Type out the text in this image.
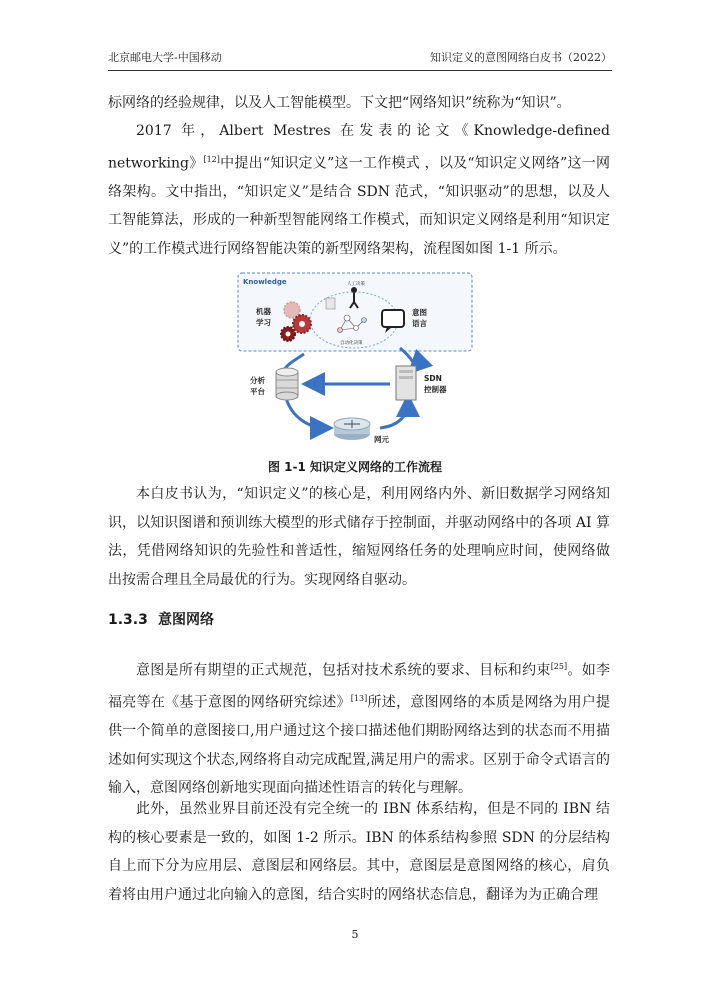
北京邮电大学-中国移动	知识定义的意图网络白皮书（2022）

标网络的经验规律，以及人工智能模型。下文把“网络知识”统称为“知识”。

2017 年，Albert Mestres 在发表的论文《Knowledge-defined networking》[12]中提出“知识定义”这一工作模式 ，以及“知识定义网络”这一网络架构。文中指出，“知识定义”是结合 SDN 范式，“知识驱动”的思想，以及人工智能算法，形成的一种新型智能网络工作模式，而知识定义网络是利用“知识定义”的工作模式进行网络智能决策的新型网络架构，流程图如图 1-1 所示。

Knowledge	人工决策
自动化决策
机器
学习
意图
语言
分析
平台
SDN
控制器
网元
图 1-1 知识定义网络的工作流程

本白皮书认为，“知识定义”的核心是，利用网络内外、新旧数据学习网络知识，以知识图谱和预训练大模型的形式储存于控制面，并驱动网络中的各项 AI 算法，凭借网络知识的先验性和普适性，缩短网络任务的处理响应时间，使网络做出按需合理且全局最优的行为。实现网络自驱动。

1.3.3 意图网络

意图是所有期望的正式规范，包括对技术系统的要求、目标和约束[25]。如李福亮等在《基于意图的网络研究综述》[13]所述，意图网络的本质是网络为用户提供一个简单的意图接口,用户通过这个接口描述他们期盼网络达到的状态而不用描述如何实现这个状态,网络将自动完成配置,满足用户的需求。区别于命令式语言的输入，意图网络创新地实现面向描述性语言的转化与理解。

此外，虽然业界目前还没有完全统一的 IBN 体系结构，但是不同的 IBN 结构的核心要素是一致的，如图 1-2 所示。IBN 的体系结构参照 SDN 的分层结构自上而下分为应用层、意图层和网络层。其中，意图层是意图网络的核心，肩负着将由用户通过北向输入的意图，结合实时的网络状态信息，翻译为为正确合理

5
